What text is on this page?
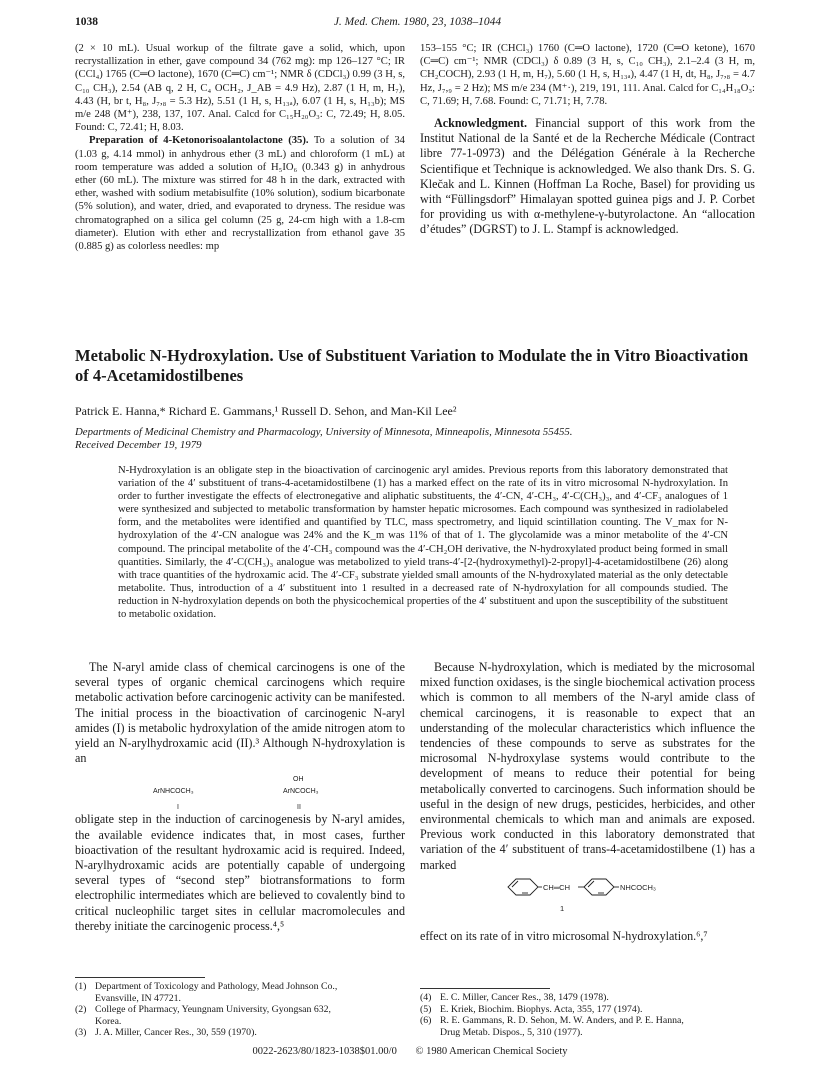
1038	J. Med. Chem. 1980, 23, 1038–1044

(2 × 10 mL). Usual workup of the filtrate gave a solid, which, upon recrystallization in ether, gave compound 34 (762 mg): mp 126–127 °C; IR (CCl₄) 1765 (C═O lactone), 1670 (C═C) cm⁻¹; NMR δ (CDCl₃) 0.99 (3 H, s, C₁₀ CH₃), 2.54 (AB q, 2 H, C₄ OCH₂, J_AB = 4.9 Hz), 2.87 (1 H, m, H₇), 4.43 (H, br t, H₈, J₇,₈ = 5.3 Hz), 5.51 (1 H, s, H₁₃ₐ), 6.07 (1 H, s, H₁₃b); MS m/e 248 (M⁺), 238, 137, 107. Anal. Calcd for C₁₅H₂₀O₃: C, 72.49; H, 8.05. Found: C, 72.41; H, 8.03.

Preparation of 4-Ketonorisoalantolactone (35). To a solution of 34 (1.03 g, 4.14 mmol) in anhydrous ether (3 mL) and chloroform (1 mL) at room temperature was added a solution of H₅IO₆ (0.343 g) in anhydrous ether (60 mL). The mixture was stirred for 48 h in the dark, extracted with ether, washed with sodium metabisulfite (10% solution), sodium bicarbonate (5% solution), and water, dried, and evaporated to dryness. The residue was chromatographed on a silica gel column (25 g, 24-cm high with a 1.8-cm diameter). Elution with ether and recrystallization from ethanol gave 35 (0.885 g) as colorless needles: mp

153–155 °C; IR (CHCl₃) 1760 (C═O lactone), 1720 (C═O ketone), 1670 (C═C) cm⁻¹; NMR (CDCl₃) δ 0.89 (3 H, s, C₁₀ CH₃), 2.1–2.4 (3 H, m, CH₂COCH), 2.93 (1 H, m, H₇), 5.60 (1 H, s, H₁₃ₐ), 4.47 (1 H, dt, H₈, J₇,₈ = 4.7 Hz, J₇,₉ = 2 Hz); MS m/e 234 (M⁺·), 219, 191, 111. Anal. Calcd for C₁₄H₁₈O₃: C, 71.69; H, 7.68. Found: C, 71.71; H, 7.78.

Acknowledgment. Financial support of this work from the Institut National de la Santé et de la Recherche Médicale (Contract libre 77-1-0973) and the Délégation Générale à la Recherche Scientifique et Technique is acknowledged. We also thank Drs. S. G. Klečak and L. Kinnen (Hoffman La Roche, Basel) for providing us with “Füllingsdorf” Himalayan spotted guinea pigs and J. P. Corbet for providing us with α-methylene-γ-butyrolactone. An “allocation d’études” (DGRST) to J. L. Stampf is acknowledged.

Metabolic N-Hydroxylation. Use of Substituent Variation to Modulate the in Vitro Bioactivation of 4-Acetamidostilbenes
Patrick E. Hanna,* Richard E. Gammans,¹ Russell D. Sehon, and Man-Kil Lee²
Departments of Medicinal Chemistry and Pharmacology, University of Minnesota, Minneapolis, Minnesota 55455.
Received December 19, 1979
N-Hydroxylation is an obligate step in the bioactivation of carcinogenic aryl amides. Previous reports from this laboratory demonstrated that variation of the 4′ substituent of trans-4-acetamidostilbene (1) has a marked effect on the rate of its in vitro microsomal N-hydroxylation. In order to further investigate the effects of electronegative and aliphatic substituents, the 4′-CN, 4′-CH₃, 4′-C(CH₃)₃, and 4′-CF₃ analogues of 1 were synthesized and subjected to metabolic transformation by hamster hepatic microsomes. Each compound was synthesized in radiolabeled form, and the metabolites were identified and quantified by TLC, mass spectrometry, and liquid scintillation counting. The V_max for N-hydroxylation of the 4′-CN analogue was 24% and the K_m was 11% of that of 1. The glycolamide was a minor metabolite of the 4′-CN compound. The principal metabolite of the 4′-CH₃ compound was the 4′-CH₂OH derivative, the N-hydroxylated product being formed in small quantities. Similarly, the 4′-C(CH₃)₃ analogue was metabolized to yield trans-4′-[2-(hydroxymethyl)-2-propyl]-4-acetamidostilbene (26) along with trace quantities of the hydroxamic acid. The 4′-CF₃ substrate yielded small amounts of the N-hydroxylated material as the only detectable metabolite. Thus, introduction of a 4′ substituent into 1 resulted in a decreased rate of N-hydroxylation for all compounds studied. The reduction in N-hydroxylation depends on both the physicochemical properties of the 4′ substituent and upon the susceptibility of the substituent to metabolic oxidation.

The N-aryl amide class of chemical carcinogens is one of the several types of organic chemical carcinogens which require metabolic activation before carcinogenic activity can be manifested. The initial process in the bioactivation of carcinogenic N-aryl amides (I) is metabolic hydroxylation of the amide nitrogen atom to yield an N-arylhydroxamic acid (II).³ Although N-hydroxylation is an

ArNHCOCH₃
I
OH
ArNCOCH₃
II

obligate step in the induction of carcinogenesis by N-aryl amides, the available evidence indicates that, in most cases, further bioactivation of the resultant hydroxamic acid is required. Indeed, N-arylhydroxamic acids are potentially capable of undergoing several types of “second step” biotransformations to form electrophilic intermediates which are believed to covalently bind to critical nucleophilic target sites in cellular macromolecules and thereby initiate the carcinogenic process.⁴,⁵

(1) Department of Toxicology and Pathology, Mead Johnson Co.,
Evansville, IN 47721.
(2) College of Pharmacy, Yeungnam University, Gyongsan 632,
Korea.
(3) J. A. Miller, Cancer Res., 30, 559 (1970).

Because N-hydroxylation, which is mediated by the microsomal mixed function oxidases, is the single biochemical activation process which is common to all members of the N-aryl amide class of chemical carcinogens, it is reasonable to expect that an understanding of the molecular characteristics which influence the tendencies of these compounds to serve as substrates for the microsomal N-hydroxylase systems would contribute to the development of means to reduce their potential for being metabolically converted to carcinogens. Such information should be useful in the design of new drugs, pesticides, herbicides, and other environmental chemicals to which man and animals are exposed. Previous work conducted in this laboratory demonstrated that variation of the 4′ substituent of trans-4-acetamidostilbene (1) has a marked

CH═CH	NHCOCH₃
1

effect on its rate of in vitro microsomal N-hydroxylation.⁶,⁷

(4) E. C. Miller, Cancer Res., 38, 1479 (1978).
(5) E. Kriek, Biochim. Biophys. Acta, 355, 177 (1974).
(6) R. E. Gammans, R. D. Sehon, M. W. Anders, and P. E. Hanna,
Drug Metab. Dispos., 5, 310 (1977).
0022-2623/80/1823-1038$01.00/0 © 1980 American Chemical Society
